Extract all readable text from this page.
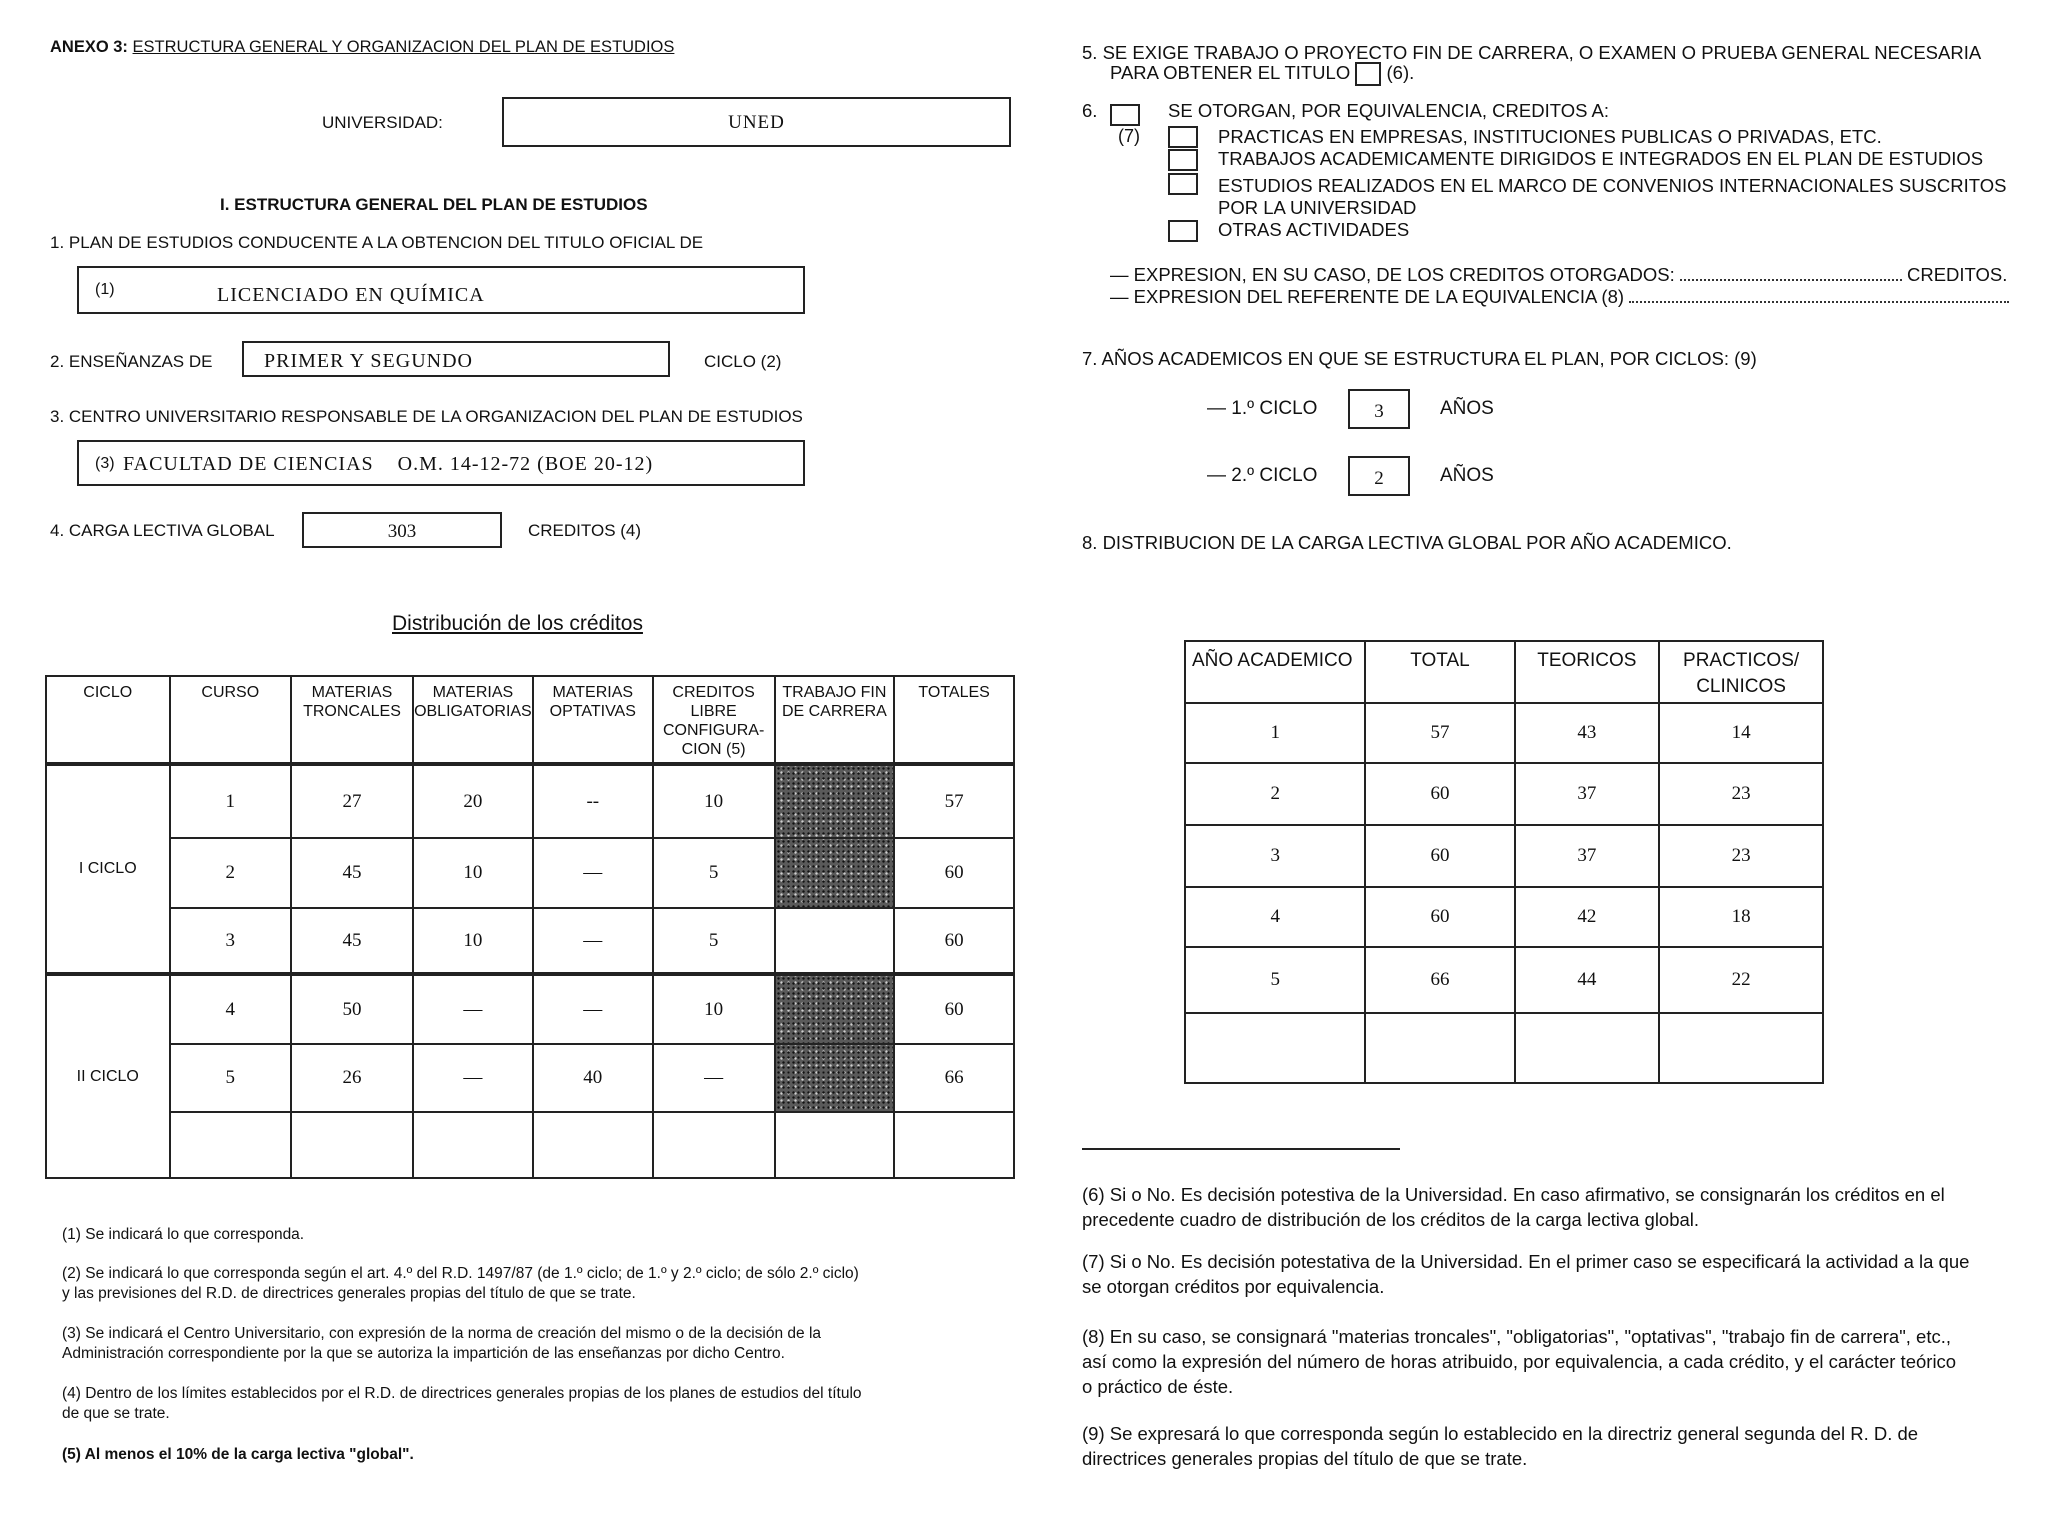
ANEXO 3: ESTRUCTURA GENERAL Y ORGANIZACION DEL PLAN DE ESTUDIOS
UNIVERSIDAD:	UNED
I. ESTRUCTURA GENERAL DEL PLAN DE ESTUDIOS
1. PLAN DE ESTUDIOS CONDUCENTE A LA OBTENCION DEL TITULO OFICIAL DE
(1)	LICENCIADO EN QUÍMICA
2. ENSEÑANZAS DE	PRIMER Y SEGUNDO	CICLO (2)
3. CENTRO UNIVERSITARIO RESPONSABLE DE LA ORGANIZACION DEL PLAN DE ESTUDIOS
(3) FACULTAD DE CIENCIAS    O.M. 14-12-72 (BOE 20-12)
4. CARGA LECTIVA GLOBAL	303	CREDITOS (4)
Distribución de los créditos
CICLO	CURSO	MATERIAS TRONCALES	MATERIAS OBLIGATORIAS	MATERIAS OPTATIVAS	CREDITOS LIBRE CONFIGURA- CION (5)	TRABAJO FIN DE CARRERA	TOTALES
I CICLO	1	27	20	--	10		57
	2	45	10	—	5		60
	3	45	10	—	5		60
II CICLO	4	50	—	—	10		60
	5	26	—	40	—		66

(1) Se indicará lo que corresponda.
(2) Se indicará lo que corresponda según el art. 4.º del R.D. 1497/87 (de 1.º ciclo; de 1.º y 2.º ciclo; de sólo 2.º ciclo)
y las previsiones del R.D. de directrices generales propias del título de que se trate.
(3) Se indicará el Centro Universitario, con expresión de la norma de creación del mismo o de la decisión de la
Administración correspondiente por la que se autoriza la impartición de las enseñanzas por dicho Centro.
(4) Dentro de los límites establecidos por el R.D. de directrices generales propias de los planes de estudios del título
de que se trate.
(5) Al menos el 10% de la carga lectiva "global".
5. SE EXIGE TRABAJO O PROYECTO FIN DE CARRERA, O EXAMEN O PRUEBA GENERAL NECESARIA
PARA OBTENER EL TITULO (6).
6.
(7)
SE OTORGAN, POR EQUIVALENCIA, CREDITOS A:
PRACTICAS EN EMPRESAS, INSTITUCIONES PUBLICAS O PRIVADAS, ETC.
TRABAJOS ACADEMICAMENTE DIRIGIDOS E INTEGRADOS EN EL PLAN DE ESTUDIOS
ESTUDIOS REALIZADOS EN EL MARCO DE CONVENIOS INTERNACIONALES SUSCRITOS
POR LA UNIVERSIDAD
OTRAS ACTIVIDADES
— EXPRESION, EN SU CASO, DE LOS CREDITOS OTORGADOS:	CREDITOS.
— EXPRESION DEL REFERENTE DE LA EQUIVALENCIA (8)
7. AÑOS ACADEMICOS EN QUE SE ESTRUCTURA EL PLAN, POR CICLOS: (9)
— 1.º CICLO	3	AÑOS
— 2.º CICLO	2	AÑOS
8. DISTRIBUCION DE LA CARGA LECTIVA GLOBAL POR AÑO ACADEMICO.
AÑO ACADEMICO	TOTAL	TEORICOS	PRACTICOS/ CLINICOS
1	57	43	14
2	60	37	23
3	60	37	23
4	60	42	18
5	66	44	22

(6) Si o No. Es decisión potestiva de la Universidad. En caso afirmativo, se consignarán los créditos en el
precedente cuadro de distribución de los créditos de la carga lectiva global.
(7) Si o No. Es decisión potestativa de la Universidad. En el primer caso se especificará la actividad a la que
se otorgan créditos por equivalencia.
(8) En su caso, se consignará "materias troncales", "obligatorias", "optativas", "trabajo fin de carrera", etc.,
así como la expresión del número de horas atribuido, por equivalencia, a cada crédito, y el carácter teórico
o práctico de éste.
(9) Se expresará lo que corresponda según lo establecido en la directriz general segunda del R. D. de
directrices generales propias del título de que se trate.
